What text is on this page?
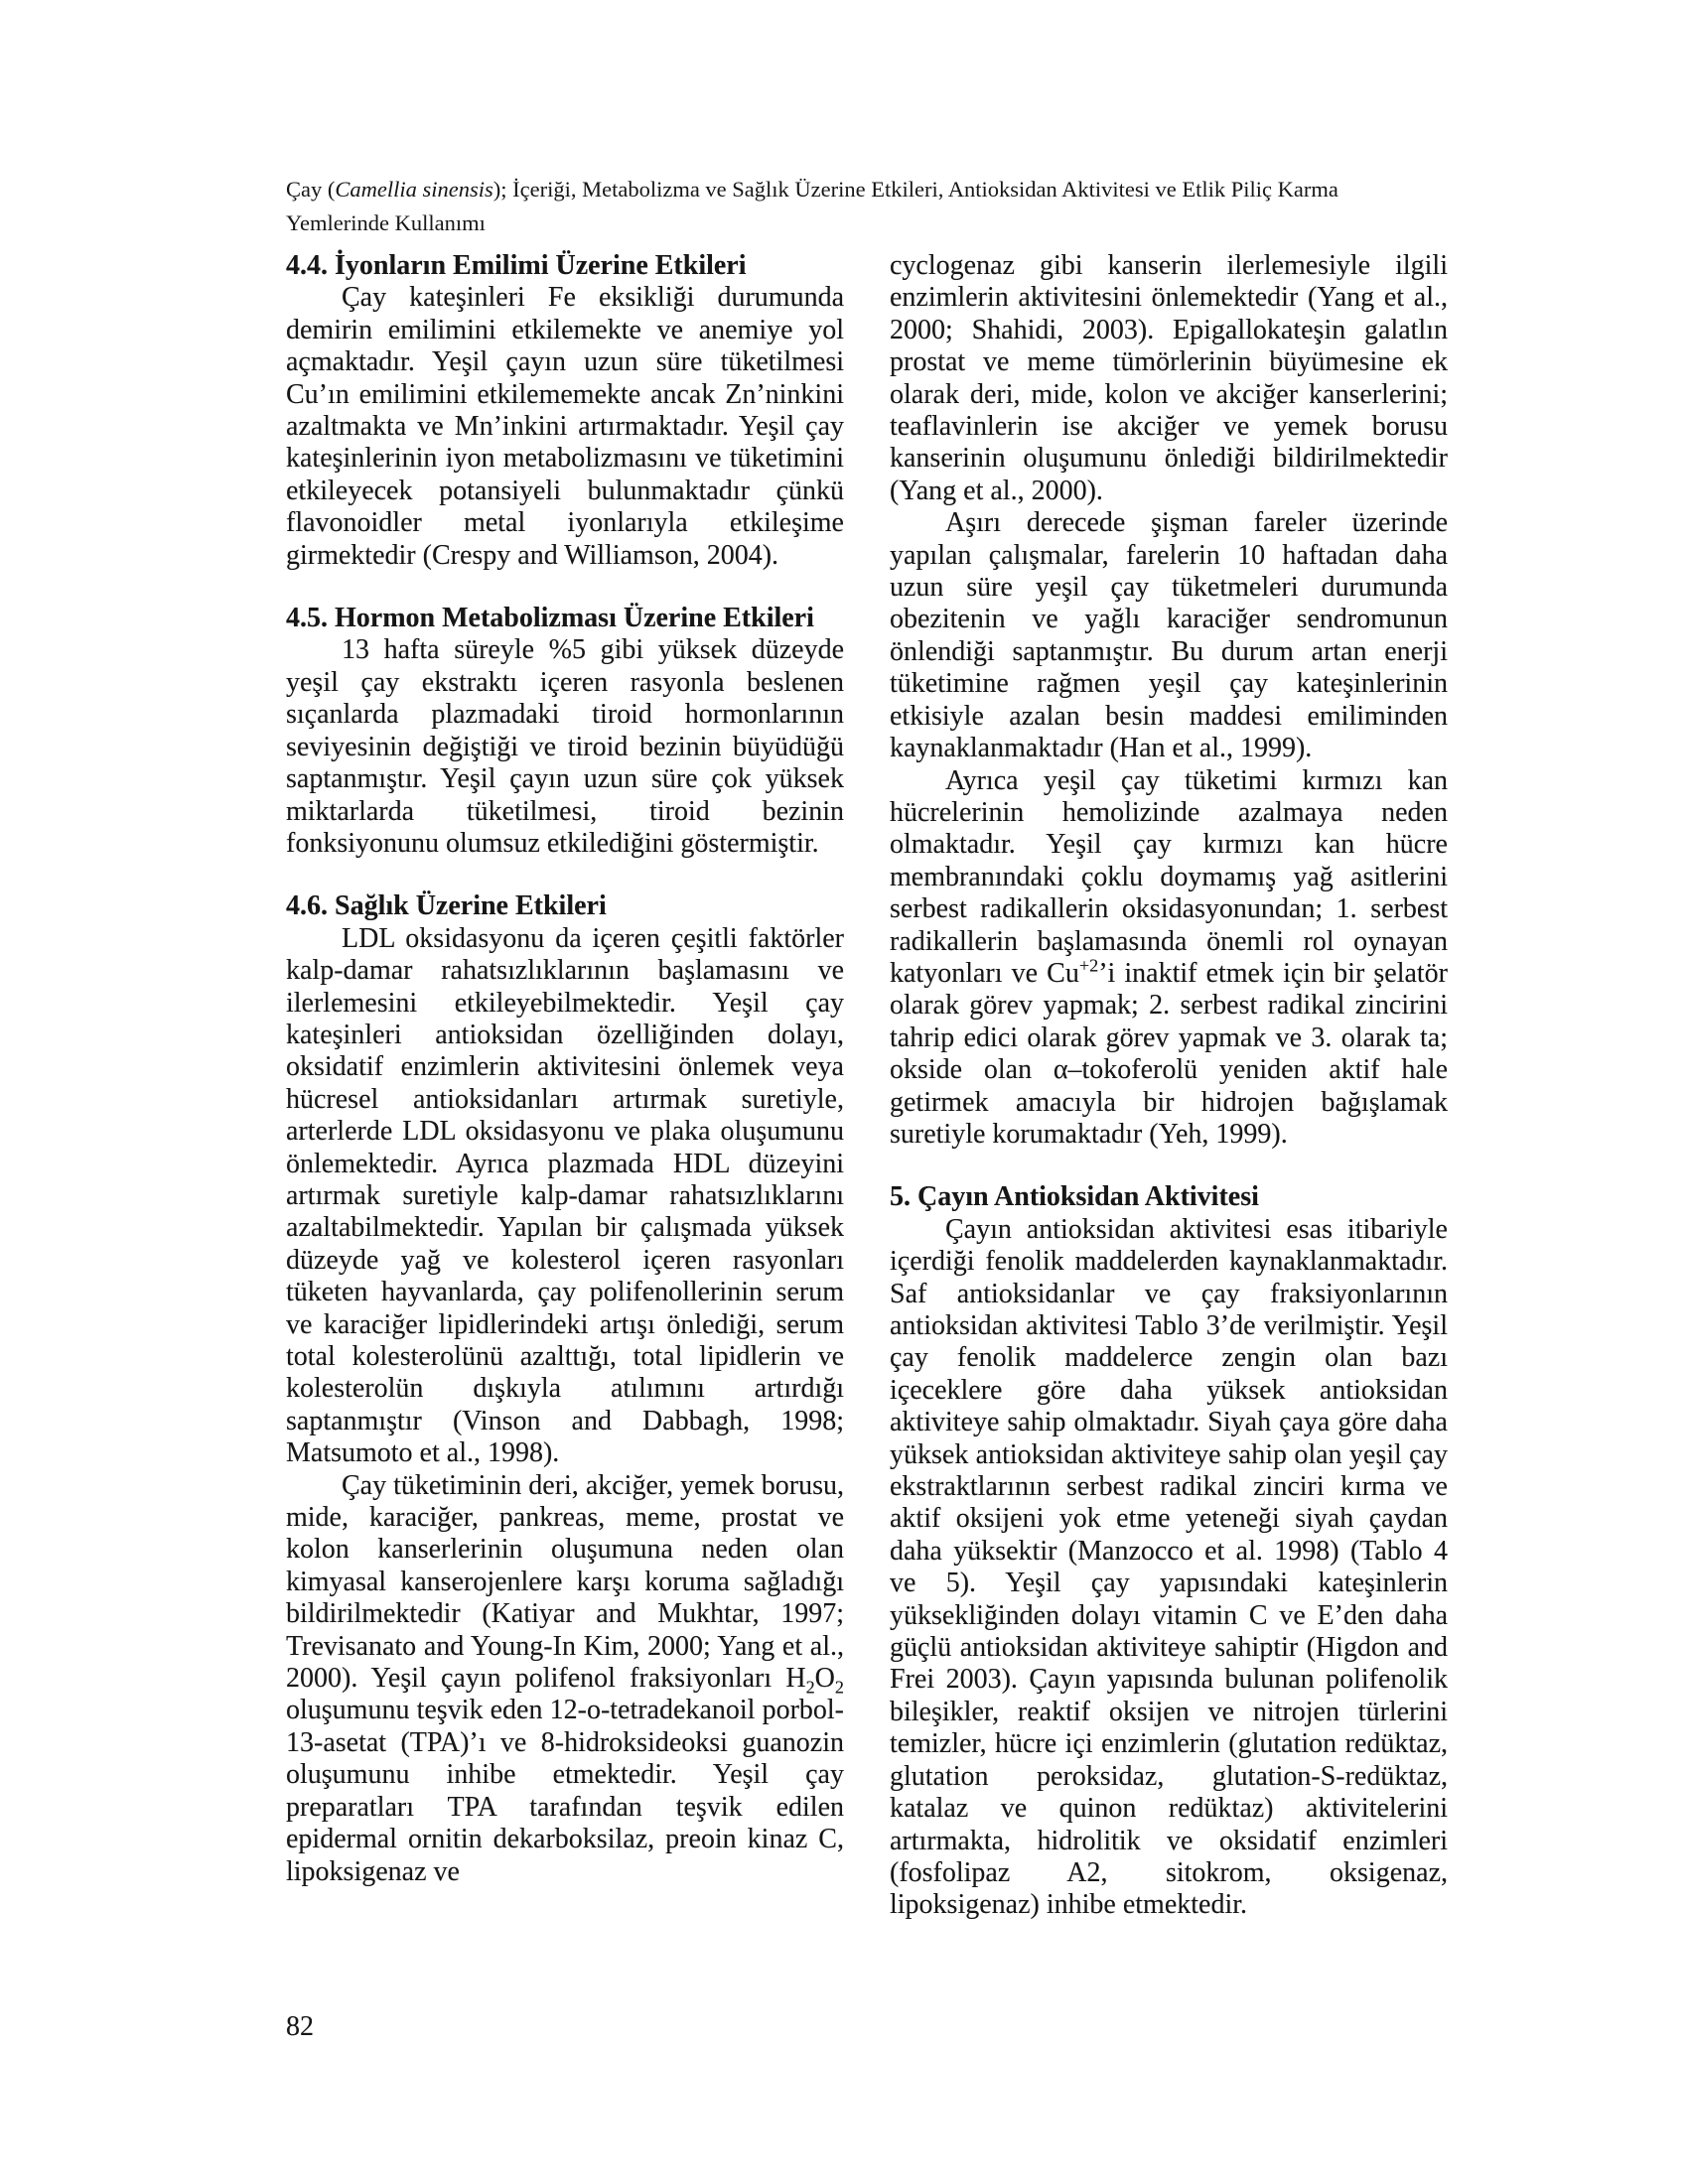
Çay (Camellia sinensis); İçeriği, Metabolizma ve Sağlık Üzerine Etkileri, Antioksidan Aktivitesi ve Etlik Piliç Karma Yemlerinde Kullanımı
4.4. İyonların Emilimi Üzerine Etkileri

Çay kateşinleri Fe eksikliği durumunda demirin emilimini etkilemekte ve anemiye yol açmaktadır. Yeşil çayın uzun süre tüketilmesi Cu’ın emilimini etkilememekte ancak Zn’ninkini azaltmakta ve Mn’inkini artırmaktadır. Yeşil çay kateşinlerinin iyon metabolizmasını ve tüketimini etkileyecek potansiyeli bulunmaktadır çünkü flavonoidler metal iyonlarıyla etkileşime girmektedir (Crespy and Williamson, 2004).

4.5. Hormon Metabolizması Üzerine Etkileri

13 hafta süreyle %5 gibi yüksek düzeyde yeşil çay ekstraktı içeren rasyonla beslenen sıçanlarda plazmadaki tiroid hormonlarının seviyesinin değiştiği ve tiroid bezinin büyüdüğü saptanmıştır. Yeşil çayın uzun süre çok yüksek miktarlarda tüketilmesi, tiroid bezinin fonksiyonunu olumsuz etkilediğini göstermiştir.

4.6. Sağlık Üzerine Etkileri

LDL oksidasyonu da içeren çeşitli faktörler kalp-damar rahatsızlıklarının başlamasını ve ilerlemesini etkileyebilmektedir. Yeşil çay kateşinleri antioksidan özelliğinden dolayı, oksidatif enzimlerin aktivitesini önlemek veya hücresel antioksidanları artırmak suretiyle, arterlerde LDL oksidasyonu ve plaka oluşumunu önlemektedir. Ayrıca plazmada HDL düzeyini artırmak suretiyle kalp-damar rahatsızlıklarını azaltabilmektedir. Yapılan bir çalışmada yüksek düzeyde yağ ve kolesterol içeren rasyonları tüketen hayvanlarda, çay polifenollerinin serum ve karaciğer lipidlerindeki artışı önlediği, serum total kolesterolünü azalttığı, total lipidlerin ve kolesterolün dışkıyla atılımını artırdığı saptanmıştır (Vinson and Dabbagh, 1998; Matsumoto et al., 1998).

Çay tüketiminin deri, akciğer, yemek borusu, mide, karaciğer, pankreas, meme, prostat ve kolon kanserlerinin oluşumuna neden olan kimyasal kanserojenlere karşı koruma sağladığı bildirilmektedir (Katiyar and Mukhtar, 1997; Trevisanato and Young-In Kim, 2000; Yang et al., 2000). Yeşil çayın polifenol fraksiyonları $H_2O_2$ oluşumunu teşvik eden 12-o-tetradekanoil porbol-13-asetat (TPA)’ı ve 8-hidroksideoksi guanozin oluşumunu inhibe etmektedir. Yeşil çay preparatları TPA tarafından teşvik edilen epidermal ornitin dekarboksilaz, preoin kinaz C, lipoksigenaz ve

cyclogenaz gibi kanserin ilerlemesiyle ilgili enzimlerin aktivitesini önlemektedir (Yang et al., 2000; Shahidi, 2003). Epigallokateşin galatlın prostat ve meme tümörlerinin büyümesine ek olarak deri, mide, kolon ve akciğer kanserlerini; teaflavinlerin ise akciğer ve yemek borusu kanserinin oluşumunu önlediği bildirilmektedir (Yang et al., 2000).

Aşırı derecede şişman fareler üzerinde yapılan çalışmalar, farelerin 10 haftadan daha uzun süre yeşil çay tüketmeleri durumunda obezitenin ve yağlı karaciğer sendromunun önlendiği saptanmıştır. Bu durum artan enerji tüketimine rağmen yeşil çay kateşinlerinin etkisiyle azalan besin maddesi emiliminden kaynaklanmaktadır (Han et al., 1999).

Ayrıca yeşil çay tüketimi kırmızı kan hücrelerinin hemolizinde azalmaya neden olmaktadır. Yeşil çay kırmızı kan hücre membranındaki çoklu doymamış yağ asitlerini serbest radikallerin oksidasyonundan; 1. serbest radikallerin başlamasında önemli rol oynayan katyonları ve $Cu^{+2}’i$ inaktif etmek için bir şelatör olarak görev yapmak; 2. serbest radikal zincirini tahrip edici olarak görev yapmak ve 3. olarak ta; okside olan α–tokoferolü yeniden aktif hale getirmek amacıyla bir hidrojen bağışlamak suretiyle korumaktadır (Yeh, 1999).

5. Çayın Antioksidan Aktivitesi

Çayın antioksidan aktivitesi esas itibariyle içerdiği fenolik maddelerden kaynaklanmaktadır. Saf antioksidanlar ve çay fraksiyonlarının antioksidan aktivitesi Tablo 3’de verilmiştir. Yeşil çay fenolik maddelerce zengin olan bazı içeceklere göre daha yüksek antioksidan aktiviteye sahip olmaktadır. Siyah çaya göre daha yüksek antioksidan aktiviteye sahip olan yeşil çay ekstraktlarının serbest radikal zinciri kırma ve aktif oksijeni yok etme yeteneği siyah çaydan daha yüksektir (Manzocco et al. 1998) (Tablo 4 ve 5). Yeşil çay yapısındaki kateşinlerin yüksekliğinden dolayı vitamin C ve E’den daha güçlü antioksidan aktiviteye sahiptir (Higdon and Frei 2003). Çayın yapısında bulunan polifenolik bileşikler, reaktif oksijen ve nitrojen türlerini temizler, hücre içi enzimlerin (glutation redüktaz, glutation peroksidaz, glutation-S-redüktaz, katalaz ve quinon redüktaz) aktivitelerini artırmakta, hidrolitik ve oksidatif enzimleri (fosfolipaz A2, sitokrom, oksigenaz, lipoksigenaz) inhibe etmektedir.

82
